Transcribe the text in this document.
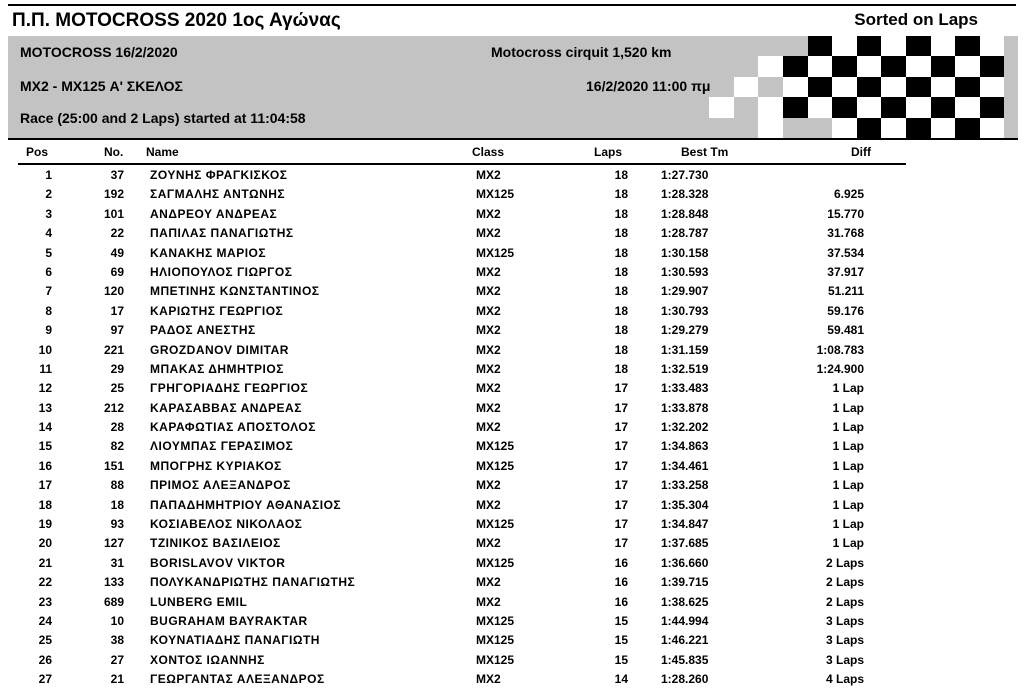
Π.Π. MOTOCROSS 2020 1ος Αγώνας	Sorted on Laps
MOTOCROSS 16/2/2020	Motocross cirquit 1,520 km
MX2 - MX125 Α' ΣΚΕΛΟΣ	16/2/2020 11:00 πμ
Race (25:00 and 2 Laps) started at 11:04:58
Pos	No. Name	Class	Laps	Best Tm	Diff
1	37 ΖΟΥΝΗΣ ΦΡΑΓΚΙΣΚΟΣ	MX2	18	1:27.730
2	192 ΣΑΓΜΑΛΗΣ ΑΝΤΩΝΗΣ	MX125	18	1:28.328	6.925
3	101 ΑΝΔΡΕΟΥ ΑΝΔΡΕΑΣ	MX2	18	1:28.848	15.770
4	22 ΠΑΠΙΛΑΣ ΠΑΝΑΓΙΩΤΗΣ	MX2	18	1:28.787	31.768
5	49 ΚΑΝΑΚΗΣ ΜΑΡΙΟΣ	MX125	18	1:30.158	37.534
6	69 ΗΛΙΟΠΟΥΛΟΣ ΓΙΩΡΓΟΣ	MX2	18	1:30.593	37.917
7	120 ΜΠΕΤΙΝΗΣ ΚΩΝΣΤΑΝΤΙΝΟΣ	MX2	18	1:29.907	51.211
8	17 ΚΑΡΙΩΤΗΣ ΓΕΩΡΓΙΟΣ	MX2	18	1:30.793	59.176
9	97 ΡΑΔΟΣ ΑΝΕΣΤΗΣ	MX2	18	1:29.279	59.481
10	221 GROZDANOV DIMITAR	MX2	18	1:31.159	1:08.783
11	29 ΜΠΑΚΑΣ ΔΗΜΗΤΡΙΟΣ	MX2	18	1:32.519	1:24.900
12	25 ΓΡΗΓΟΡΙΑΔΗΣ ΓΕΩΡΓΙΟΣ	MX2	17	1:33.483	1 Lap
13	212 ΚΑΡΑΣΑΒΒΑΣ ΑΝΔΡΕΑΣ	MX2	17	1:33.878	1 Lap
14	28 ΚΑΡΑΦΩΤΙΑΣ ΑΠΟΣΤΟΛΟΣ	MX2	17	1:32.202	1 Lap
15	82 ΛΙΟΥΜΠΑΣ ΓΕΡΑΣΙΜΟΣ	MX125	17	1:34.863	1 Lap
16	151 ΜΠΟΓΡΗΣ ΚΥΡΙΑΚΟΣ	MX125	17	1:34.461	1 Lap
17	88 ΠΡΙΜΟΣ ΑΛΕΞΑΝΔΡΟΣ	MX2	17	1:33.258	1 Lap
18	18 ΠΑΠΑΔΗΜΗΤΡΙΟΥ ΑΘΑΝΑΣΙΟΣ	MX2	17	1:35.304	1 Lap
19	93 ΚΟΣΙΑΒΕΛΟΣ ΝΙΚΟΛΑΟΣ	MX125	17	1:34.847	1 Lap
20	127 ΤΖΙΝΙΚΟΣ ΒΑΣΙΛΕΙΟΣ	MX2	17	1:37.685	1 Lap
21	31 BORISLAVOV VIKTOR	MX125	16	1:36.660	2 Laps
22	133 ΠΟΛΥΚΑΝΔΡΙΩΤΗΣ ΠΑΝΑΓΙΩΤΗΣ	MX2	16	1:39.715	2 Laps
23	689 LUNBERG EMIL	MX2	16	1:38.625	2 Laps
24	10 BUGRAHAM BAYRAKTAR	MX125	15	1:44.994	3 Laps
25	38 ΚΟΥΝΑΤΙΑΔΗΣ ΠΑΝΑΓΙΩΤΗ	MX125	15	1:46.221	3 Laps
26	27 ΧΟΝΤΟΣ ΙΩΑΝΝΗΣ	MX125	15	1:45.835	3 Laps
27	21 ΓΕΩΡΓΑΝΤΑΣ ΑΛΕΞΑΝΔΡΟΣ	MX2	14	1:28.260	4 Laps
